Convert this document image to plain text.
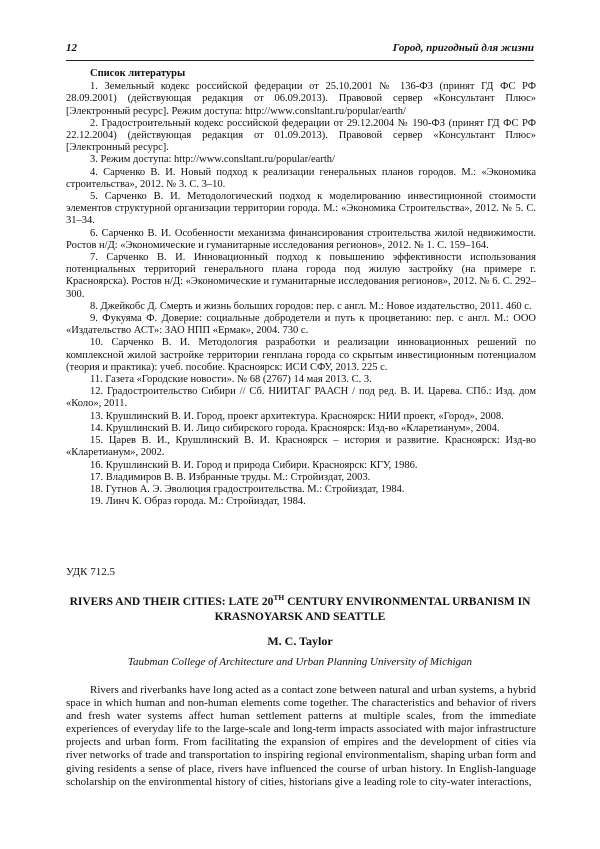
12	Город, пригодный для жизни
Список литературы
1. Земельный кодекс российской федерации от 25.10.2001 № 136-ФЗ (принят ГД ФС РФ 28.09.2001) (действующая редакция от 06.09.2013). Правовой сервер «Консультант Плюс» [Электронный ресурс]. Режим доступа: http://www.consltant.ru/popular/earth/
2. Градостроительный кодекс российской федерации от 29.12.2004 № 190-ФЗ (принят ГД ФС РФ 22.12.2004) (действующая редакция от 01.09.2013). Правовой сервер «Консультант Плюс» [Электронный ресурс].
3. Режим доступа: http://www.consltant.ru/popular/earth/
4. Сарченко В. И. Новый подход к реализации генеральных планов городов. М.: «Экономика строительства», 2012. № 3. С. 3–10.
5. Сарченко В. И. Методологический подход к моделированию инвестиционной стоимости элементов структурной организации территории города. М.: «Экономика Строительства», 2012. № 5. С. 31–34.
6. Сарченко В. И. Особенности механизма финансирования строительства жилой недвижимости. Ростов н/Д: «Экономические и гуманитарные исследования регионов», 2012. № 1. С. 159–164.
7. Сарченко В. И. Инновационный подход к повышению эффективности использования потенциальных территорий генерального плана города под жилую застройку (на примере г. Красноярска). Ростов н/Д: «Экономические и гуманитарные исследования регионов», 2012. № 6. С. 292–300.
8. Джейкобс Д. Смерть и жизнь больших городов: пер. с англ. М.: Новое издательство, 2011. 460 с.
9. Фукуяма Ф. Доверие: социальные добродетели и путь к процветанию: пер. с англ. М.: ООО «Издательство АСТ»: ЗАО НПП «Ермак», 2004. 730 с.
10. Сарченко В. И. Методология разработки и реализации инновационных решений по комплексной жилой застройке территории генплана города со скрытым инвестиционным потенциалом (теория и практика): учеб. пособие. Красноярск: ИСИ СФУ, 2013. 225 с.
11. Газета «Городские новости». № 68 (2767) 14 мая 2013. С. 3.
12. Градостроительство Сибири // Сб. НИИТАГ РААСН / под ред. В. И. Царева. СПб.: Изд. дом «Коло», 2011.
13. Крушлинский В. И. Город, проект архитектура. Красноярск: НИИ проект, «Город», 2008.
14. Крушлинский В. И. Лицо сибирского города. Красноярск: Изд-во «Кларетианум», 2004.
15. Царев В. И., Крушлинский В. И. Красноярск – история и развитие. Красноярск: Изд-во «Кларетианум», 2002.
16. Крушлинский В. И. Город и природа Сибири. Красноярск: КГУ, 1986.
17. Владимиров В. В. Избранные труды. М.: Стройиздат, 2003.
18. Гутнов А. Э. Эволюция градостроительства. М.: Стройиздат, 1984.
19. Линч К. Образ города. М.: Стройиздат, 1984.
УДК 712.5
RIVERS AND THEIR CITIES: LATE 20TH CENTURY ENVIRONMENTAL URBANISM IN KRASNOYARSK AND SEATTLE
M. C. Taylor
Taubman College of Architecture and Urban Planning University of Michigan

Rivers and riverbanks have long acted as a contact zone between natural and urban systems, a hybrid space in which human and non-human elements come together. The characteristics and behavior of rivers and fresh water systems affect human settlement patterns at multiple scales, from the immediate experiences of everyday life to the large-scale and long-term impacts associated with major infrastructure projects and urban form. From facilitating the expansion of empires and the development of cities via river networks of trade and transportation to inspiring regional environmentalism, shaping urban form and giving residents a sense of place, rivers have influenced the course of urban history. In English-language scholarship on the environmental history of cities, historians give a leading role to city-water interactions,
